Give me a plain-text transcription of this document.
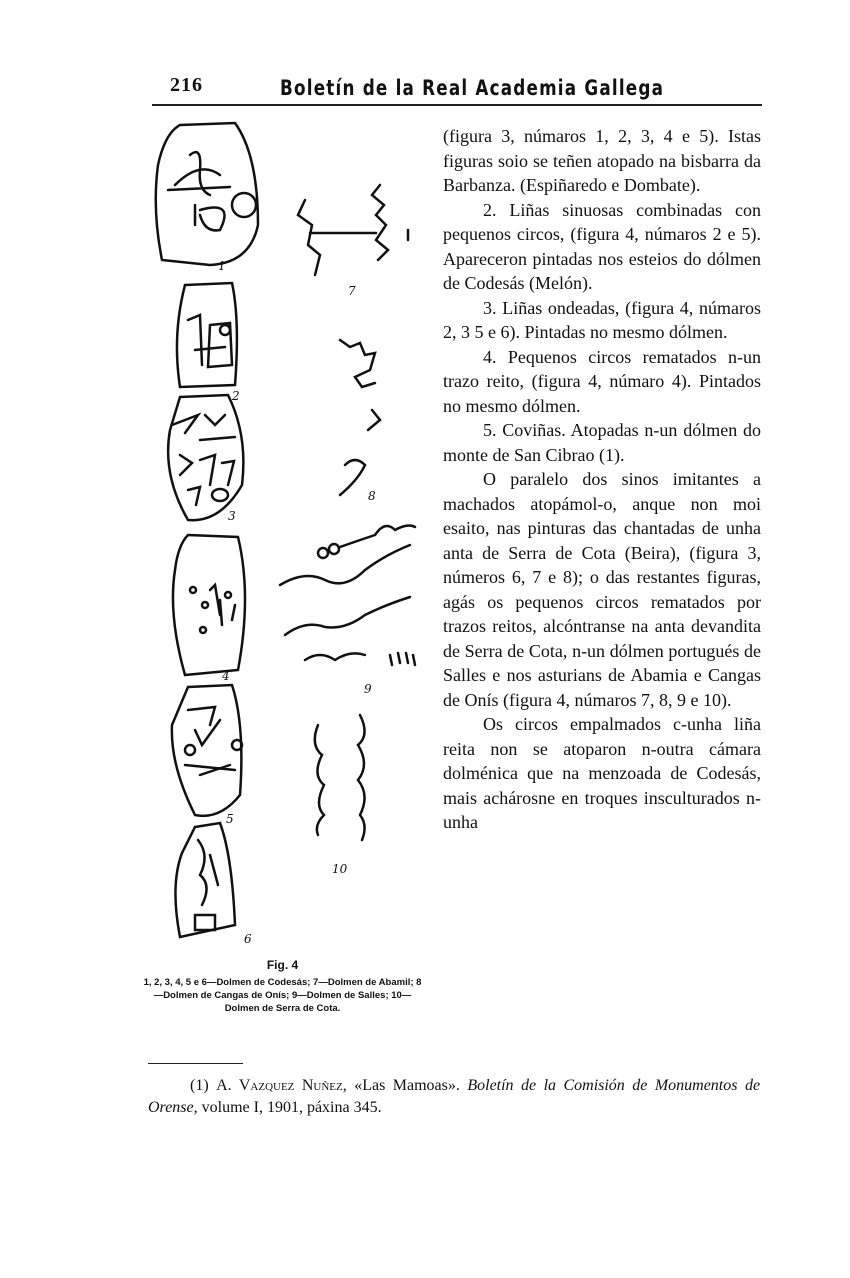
216	Boletín de la Real Academia Gallega
1
2
3
4
5
6
7
8
9
10
Fig. 4
1, 2, 3, 4, 5 e 6—Dolmen de Codesás; 7—Dolmen de Abamil; 8—Dolmen de Cangas de Onís; 9—Dolmen de Salles; 10—Dolmen de Serra de Cota.

(figura 3, númaros 1, 2, 3, 4 e 5). Istas figuras soio se teñen atopado na bisbarra da Barbanza. (Espiñaredo e Dombate).

2. Liñas sinuosas combinadas con pequenos circos, (figura 4, númaros 2 e 5). Apareceron pintadas nos esteios do dólmen de Codesás (Melón).

3. Liñas ondeadas, (figura 4, númaros 2, 3 5 e 6). Pintadas no mesmo dólmen.

4. Pequenos circos rematados n-un trazo reito, (figura 4, númaro 4). Pintados no mesmo dólmen.

5. Coviñas. Atopadas n-un dólmen do monte de San Cibrao (1).

O paralelo dos sinos imitantes a machados atopámol-o, anque non moi esaito, nas pinturas das chantadas de unha anta de Serra de Cota (Beira), (figura 3, números 6, 7 e 8); o das restantes figuras, agás os pequenos circos rematados por trazos reitos, alcóntranse na anta devandita de Serra de Cota, n-un dólmen portugués de Salles e nos asturians de Abamia e Cangas de Onís (figura 4, númaros 7, 8, 9 e 10).

Os circos empalmados c-unha liña reita non se atoparon n-outra cámara dolménica que na menzoada de Codesás, mais achárosne en troques insculturados n-unha

(1) A. Vazquez Nuñez, «Las Mamoas». Boletín de la Comisión de Monumentos de Orense, volume I, 1901, páxina 345.
